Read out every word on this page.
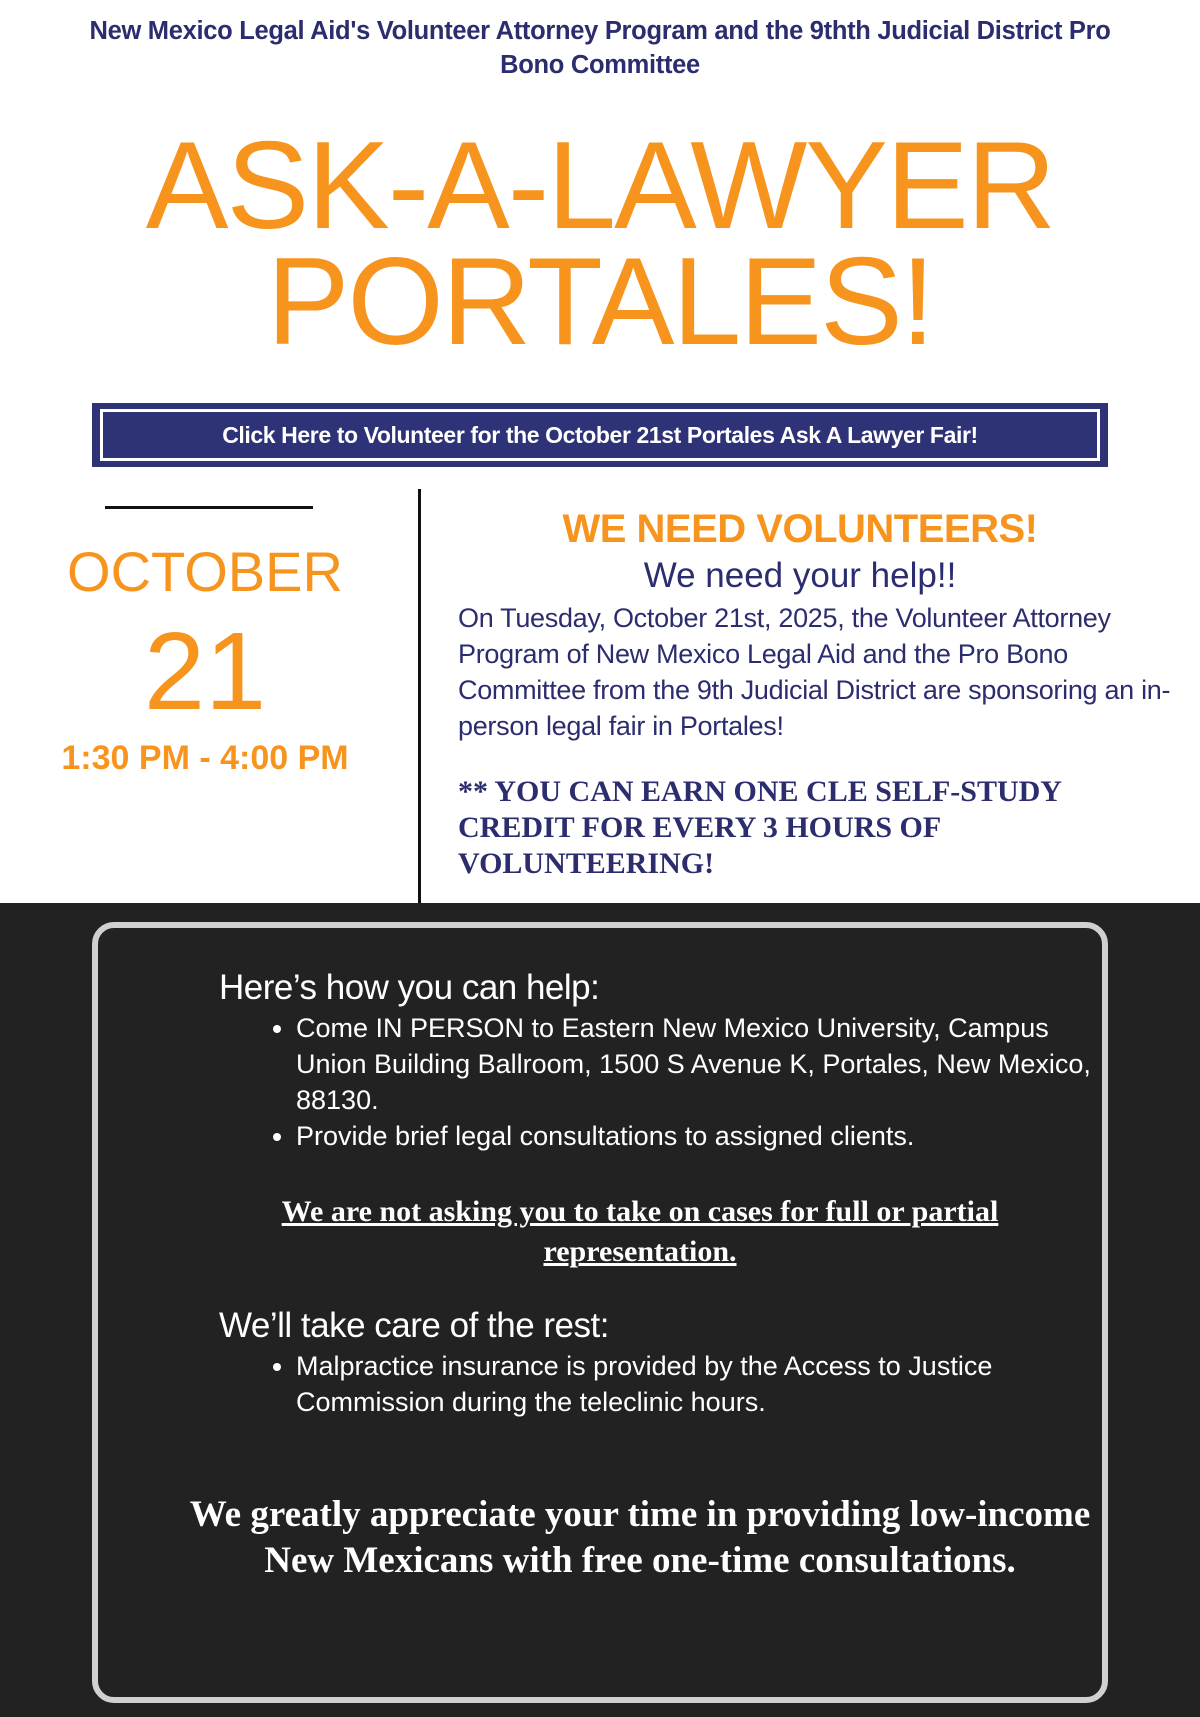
New Mexico Legal Aid's Volunteer Attorney Program and the 9thth Judicial District Pro Bono Committee
ASK-A-LAWYER
PORTALES!
Click Here to Volunteer for the October 21st Portales Ask A Lawyer Fair!
OCTOBER
21
1:30 PM - 4:00 PM
WE NEED VOLUNTEERS!
We need your help!!
On Tuesday, October 21st, 2025, the Volunteer Attorney Program of New Mexico Legal Aid and the Pro Bono Committee from the 9th Judicial District are sponsoring an in-person legal fair in Portales!
** YOU CAN EARN ONE CLE SELF-STUDY CREDIT FOR EVERY 3 HOURS OF VOLUNTEERING!
Here’s how you can help:
• Come IN PERSON to Eastern New Mexico University, Campus Union Building Ballroom, 1500 S Avenue K, Portales, New Mexico, 88130.
• Provide brief legal consultations to assigned clients.
We are not asking you to take on cases for full or partial representation.
We’ll take care of the rest:
• Malpractice insurance is provided by the Access to Justice Commission during the teleclinic hours.
We greatly appreciate your time in providing low-income New Mexicans with free one-time consultations.
